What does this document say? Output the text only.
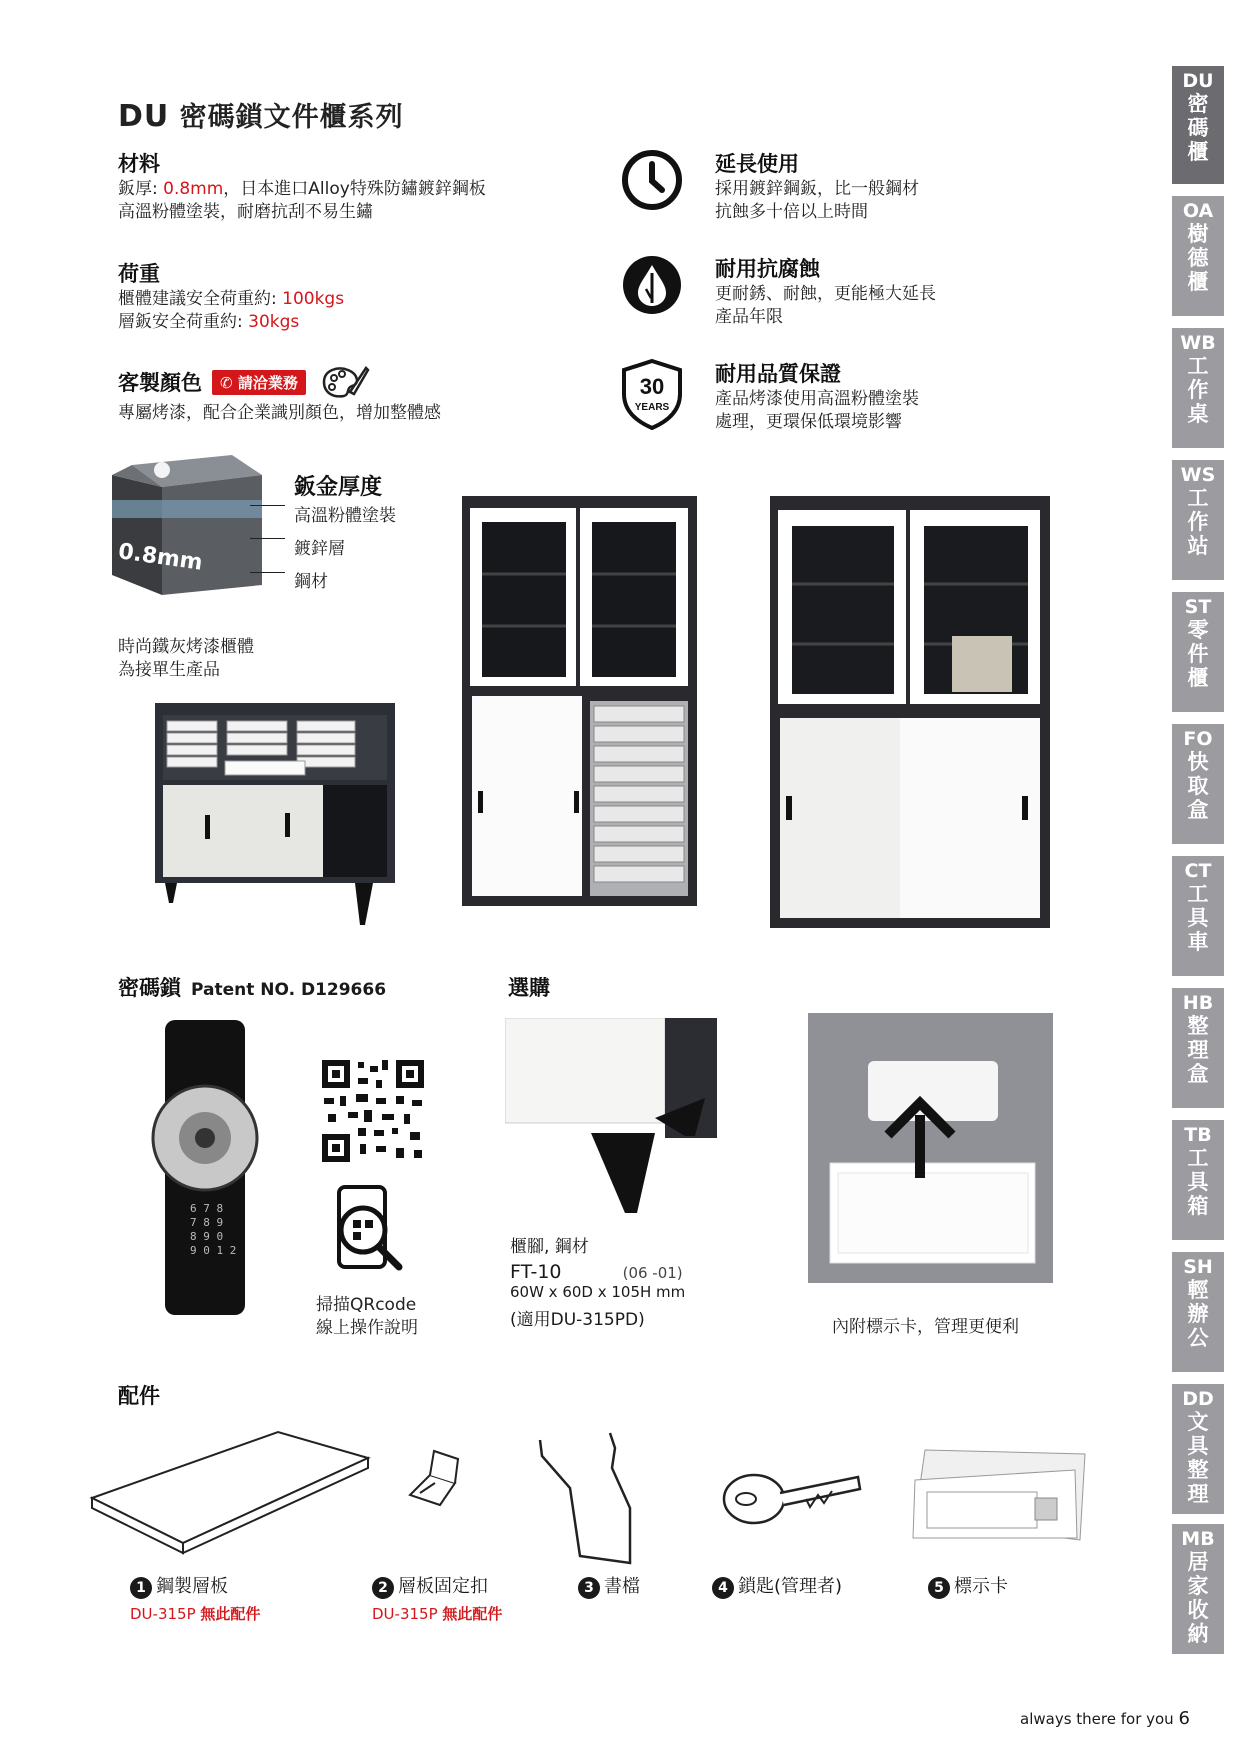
DU 密碼鎖文件櫃系列
材料
鈑厚: 0.8mm，日本進口Alloy特殊防鏽鍍鋅鋼板
高溫粉體塗裝，耐磨抗刮不易生鏽
荷重
櫃體建議安全荷重約: 100kgs
層鈑安全荷重約: 30kgs
客製顏色	✆ 請洽業務
專屬烤漆，配合企業識別顏色，增加整體感
延長使用
採用鍍鋅鋼鈑，比一般鋼材
抗蝕多十倍以上時間
耐用抗腐蝕
更耐銹、耐蝕，更能極大延長
產品年限
30
YEARS
耐用品質保證
產品烤漆使用高溫粉體塗裝
處理，更環保低環境影響
0.8mm
鈑金厚度
高溫粉體塗裝
鍍鋅層
鋼材
時尚鐵灰烤漆櫃體
為接單生產品
密碼鎖 Patent NO. D129666
6 7 8
7 8 9
8 9 0
9 0 1 2
掃描QRcode
線上操作說明
選購
櫃腳, 鋼材
FT-10	(06 -01)
60W x 60D x 105H mm
(適用DU-315PD)	內附標示卡，管理更便利
配件
1 鋼製層板
DU-315P 無此配件
2 層板固定扣
DU-315P 無此配件
3 書檔	4 鎖匙(管理者)	5 標示卡
DU
密碼櫃
OA
樹德櫃
WB
工作桌
WS
工作站
ST
零件櫃
FO
快取盒
CT
工具車
HB
整理盒
TB
工具箱
SH
輕辦公
DD
文具整理
MB
居家收納
always there for you 6
